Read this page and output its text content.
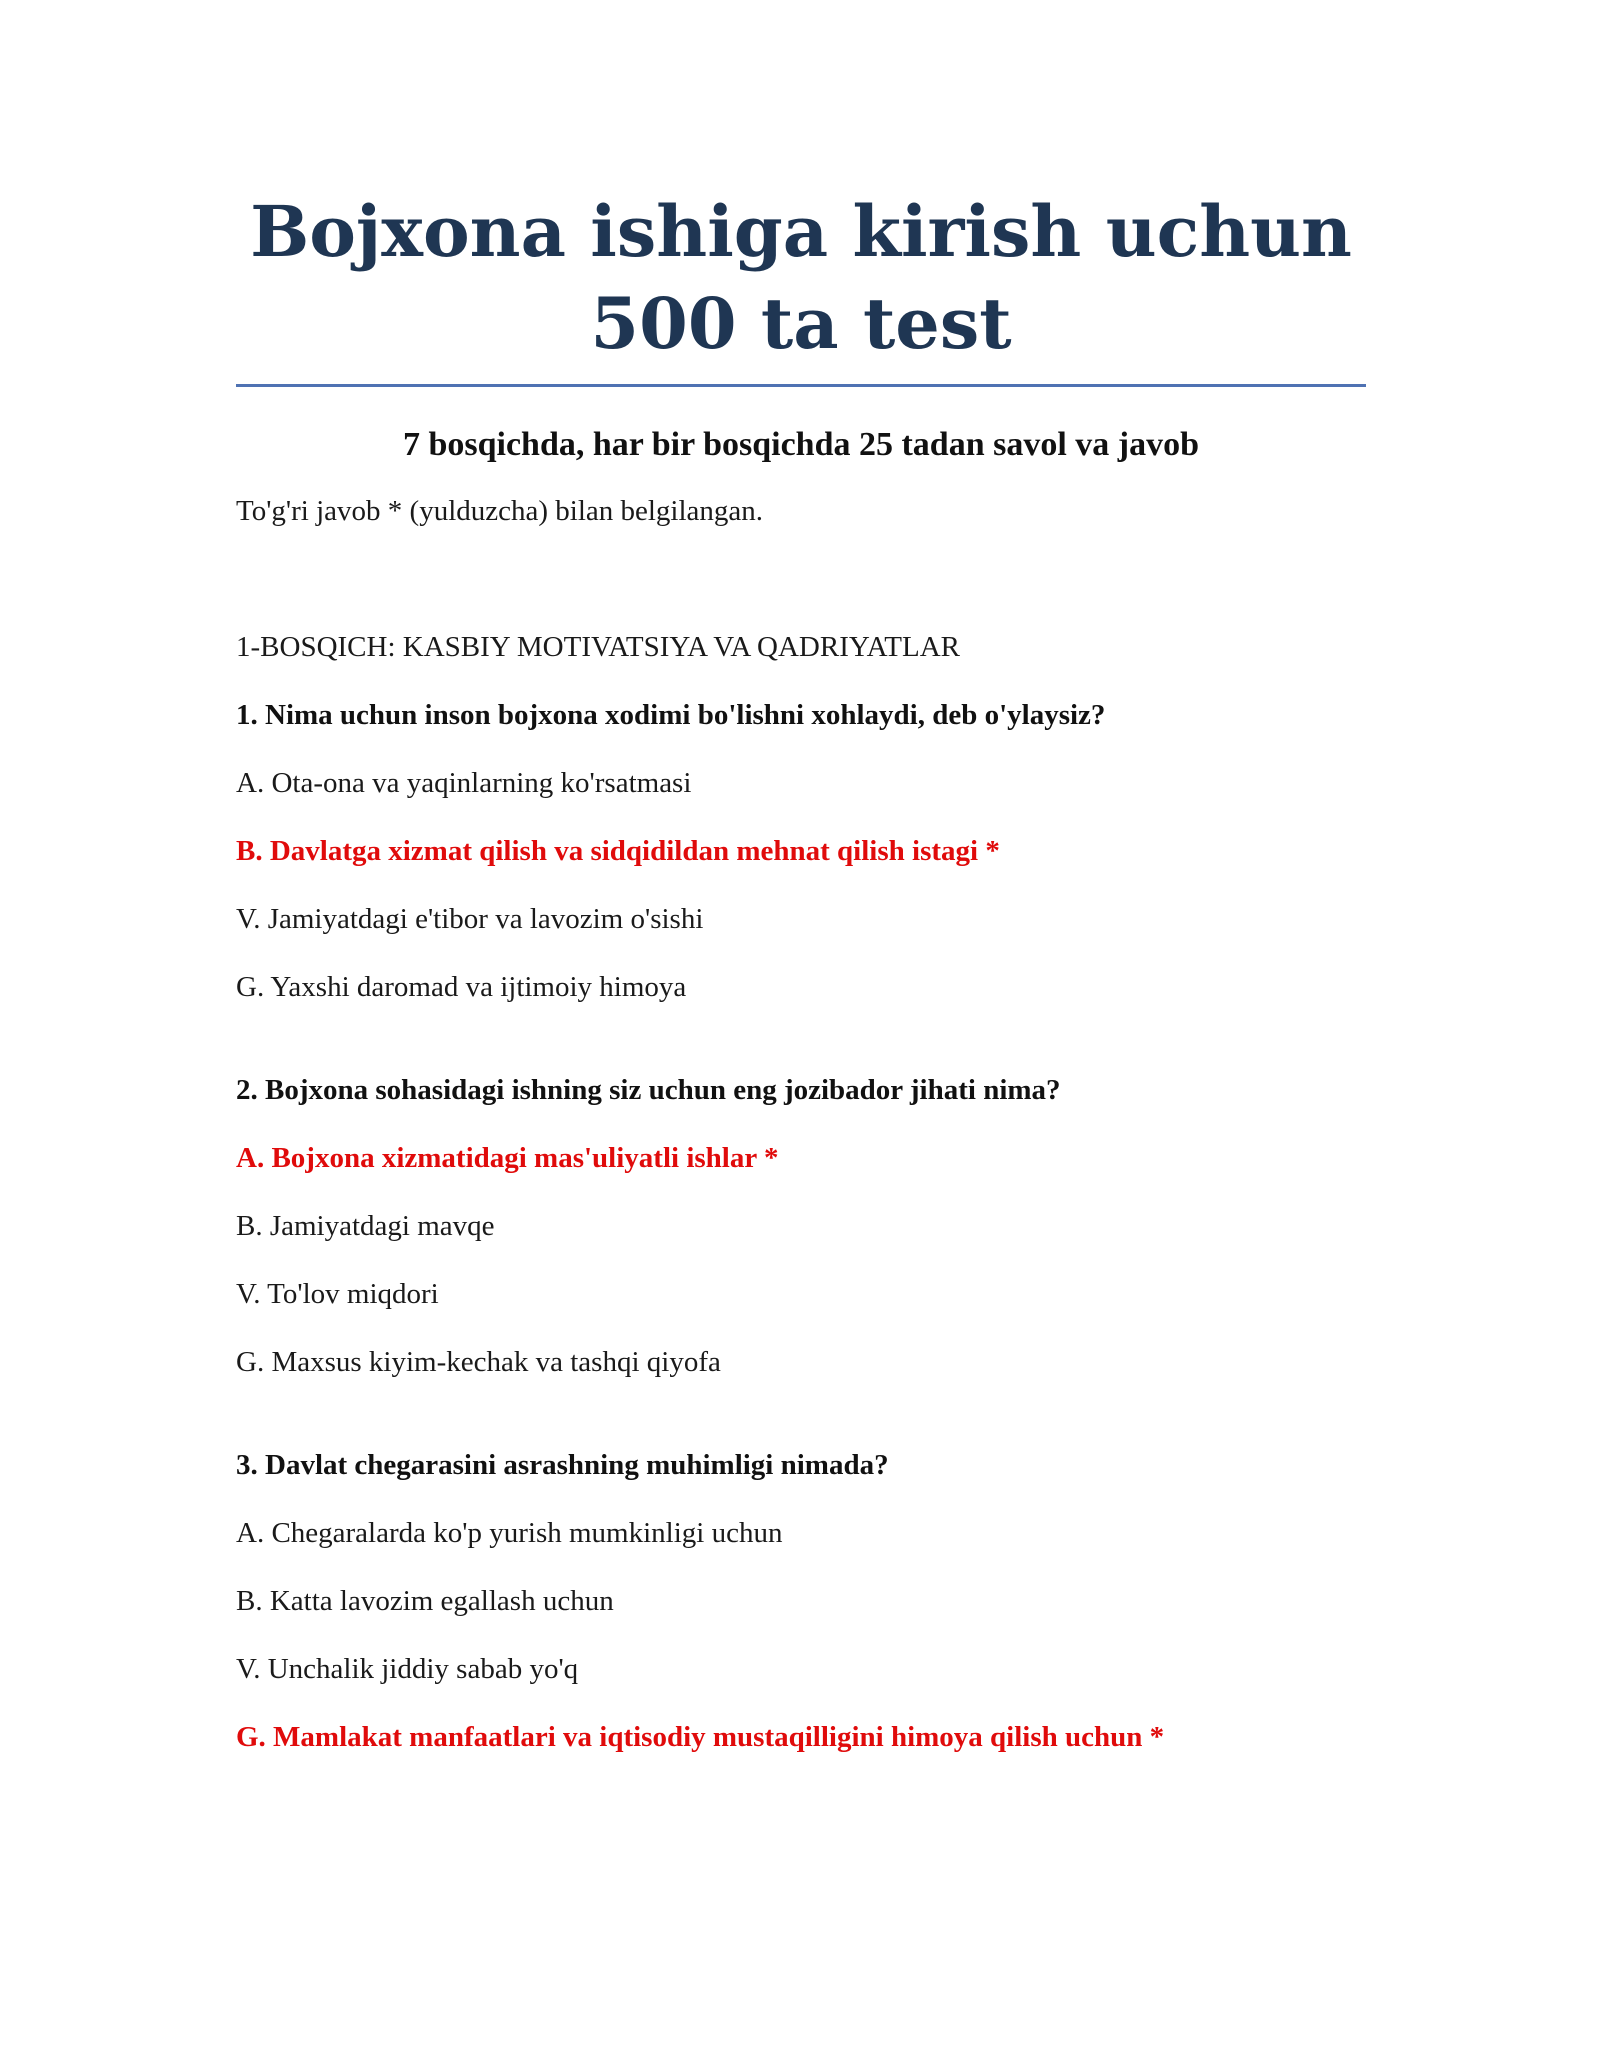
Bojxona ishiga kirish uchun 500 ta test

7 bosqichda, har bir bosqichda 25 tadan savol va javob

To'g'ri javob * (yulduzcha) bilan belgilangan.

1-BOSQICH: KASBIY MOTIVATSIYA VA QADRIYATLAR

1. Nima uchun inson bojxona xodimi bo'lishni xohlaydi, deb o'ylaysiz?

A. Ota-ona va yaqinlarning ko'rsatmasi

B. Davlatga xizmat qilish va sidqidildan mehnat qilish istagi *

V. Jamiyatdagi e'tibor va lavozim o'sishi

G. Yaxshi daromad va ijtimoiy himoya

2. Bojxona sohasidagi ishning siz uchun eng jozibador jihati nima?

A. Bojxona xizmatidagi mas'uliyatli ishlar *

B. Jamiyatdagi mavqe

V. To'lov miqdori

G. Maxsus kiyim-kechak va tashqi qiyofa

3. Davlat chegarasini asrashning muhimligi nimada?

A. Chegaralarda ko'p yurish mumkinligi uchun

B. Katta lavozim egallash uchun

V. Unchalik jiddiy sabab yo'q

G. Mamlakat manfaatlari va iqtisodiy mustaqilligini himoya qilish uchun *
